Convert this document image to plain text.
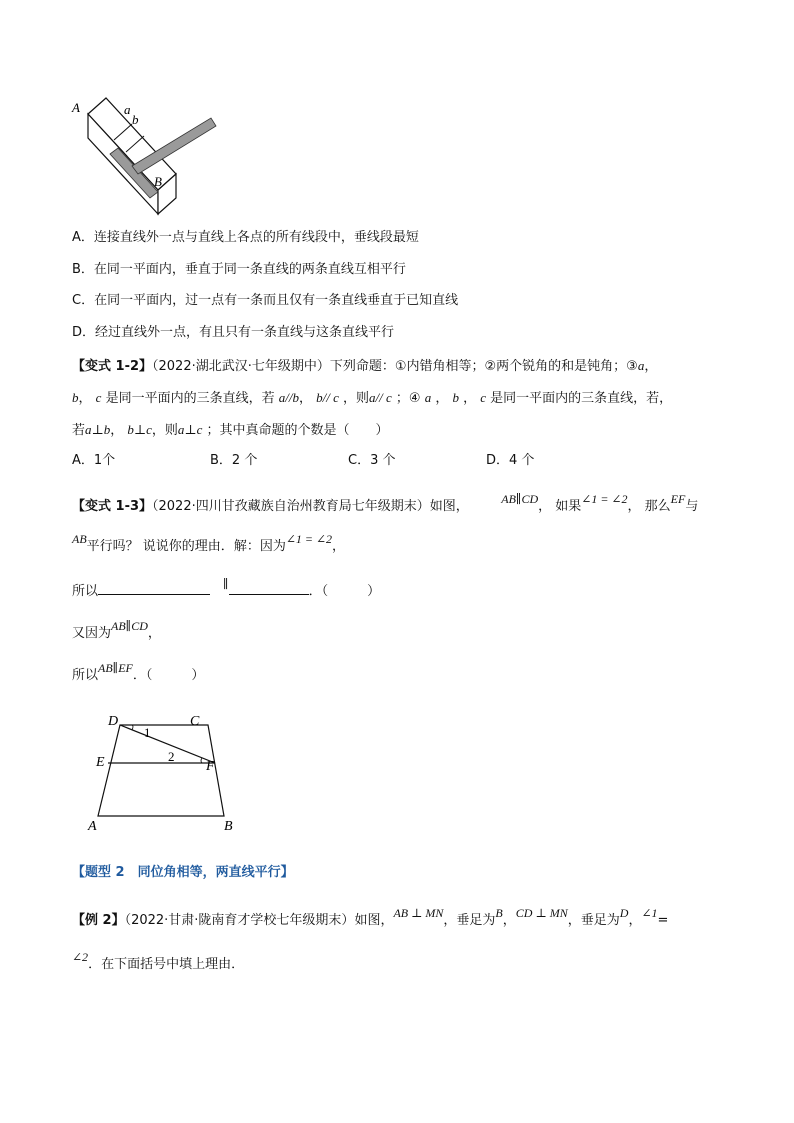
A	a
b
B
A．连接直线外一点与直线上各点的所有线段中，垂线段最短
B．在同一平面内，垂直于同一条直线的两条直线互相平行
C．在同一平面内，过一点有一条而且仅有一条直线垂直于已知直线
D．经过直线外一点，有且只有一条直线与这条直线平行
【变式 1-2】（2022·湖北武汉·七年级期中）下列命题：①内错角相等；②两个锐角的和是钝角；③a，
b， c 是同一平面内的三条直线，若 a//b， b// c ，则a// c ；④ a ， b ， c 是同一平面内的三条直线，若，
若a⊥b， b⊥c，则a⊥c ；其中真命题的个数是（　　）
A．1个	B．2 个	C．3 个	D．4 个
【变式 1-3】（2022·四川甘孜藏族自治州教育局七年级期末）如图，　　　	AB∥CD， 如果∠1 = ∠2， 那么EF与
AB平行吗？ 说说你的理由．解：因为∠1 = ∠2，
所以　	∥	．（　　　）
又因为AB∥CD，
所以AB∥EF．（　　　）
D	C
E	F
A	B
1
2
【题型 2　同位角相等，两直线平行】
【例 2】（2022·甘肃·陇南育才学校七年级期末）如图，AB ⊥ MN，垂足为B，CD ⊥ MN，垂足为D，∠1=
∠2．在下面括号中填上理由．
